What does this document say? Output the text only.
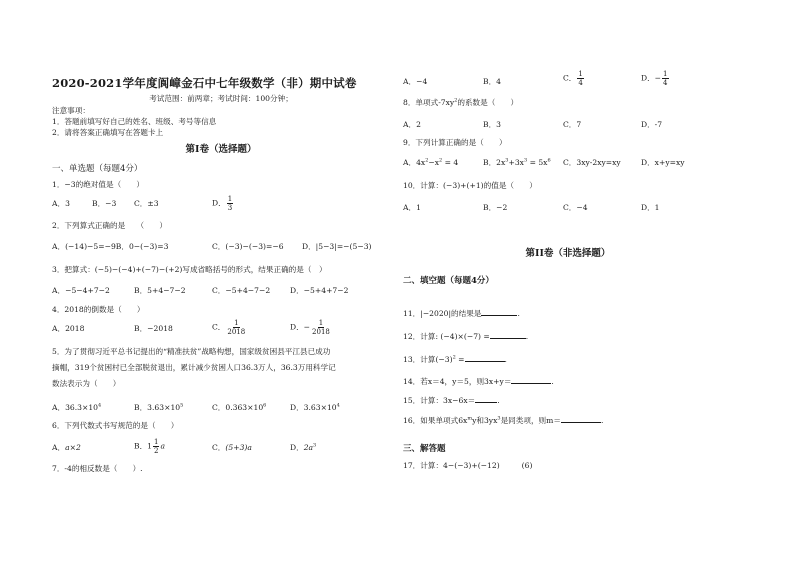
2020-2021学年度阆嶂金石中七年级数学（非）期中试卷
考试范围：前两章；考试时间：100分钟；
注意事项：
1．答题前填写好自己的姓名、班级、考号等信息
2．请将答案正确填写在答题卡上
第I卷（选择题）
一、单选题（每题4分）
1．−3的绝对值是（　　）
A．3	B．−3 C．±3	D． $\frac{1}{3}$
2．下列算式正确的是　　（　　）
A．(−14)−5=−9B．0−(−3)=3	C．(−3)−(−3)=−6 D．|5−3|=−(5−3)
3．把算式：(−5)−(−4)+(−7)−(+2)写成省略括号的形式，结果正确的是（　）
A．−5−4+7−2	B．5+4−7−2	C．−5+4−7−2	D．−5+4+7−2
4．2018的倒数是（　　）
A．2018	B．−2018	C． $\frac{1}{2018}$	D．− $\frac{1}{2018}$
5．为了贯彻习近平总书记提出的“精准扶贫”战略构想，国家级贫困县平江县已成功
摘帽，319个贫困村已全部脱贫退出，累计减少贫困人口36.3万人，36.3万用科学记
数法表示为（　　）
A．$36.3\times 10^4$	B．$3.63\times 10^5$	C．$0.363\times 10^6$	D．$3.63\times 10^4$
6．下列代数式书写规范的是（　　）
A．a×2	B．$1 \frac{1}{2}$ a	C．(5+3)a	D．$2a^3$
7．-4的相反数是（　　）.
A．−4	B．4	C． $\frac{1}{4}$	D．− $\frac{1}{4}$
8．单项式$-7xy^2$的系数是（　　）
A．2	B．3	C．7	D．-7
9．下列计算正确的是（　　）
A．$4x^2-x^2 = 4$	B．$2x^3+3x^3 = 5x^6$ C．3xy-2xy=xy	D．x+y=xy
10．计算：(−3)+(+1)的值是（　　）
A．1	B．−2	C．−4	D．1
第II卷（非选择题）
二、填空题（每题4分）
11．|−2020|的结果是	.
12．计算: (−4)×(−7) =	.
13．计算$(-3)^2$ =	.
14．若x＝4，y＝5，则3x+y＝	.
15．计算：3x−6x＝	.
16．如果单项式$6x^my$和$3yx^3$是同类项，则m＝	.
三、解答题
17．计算：4−(−3)+(−12)	(6)
